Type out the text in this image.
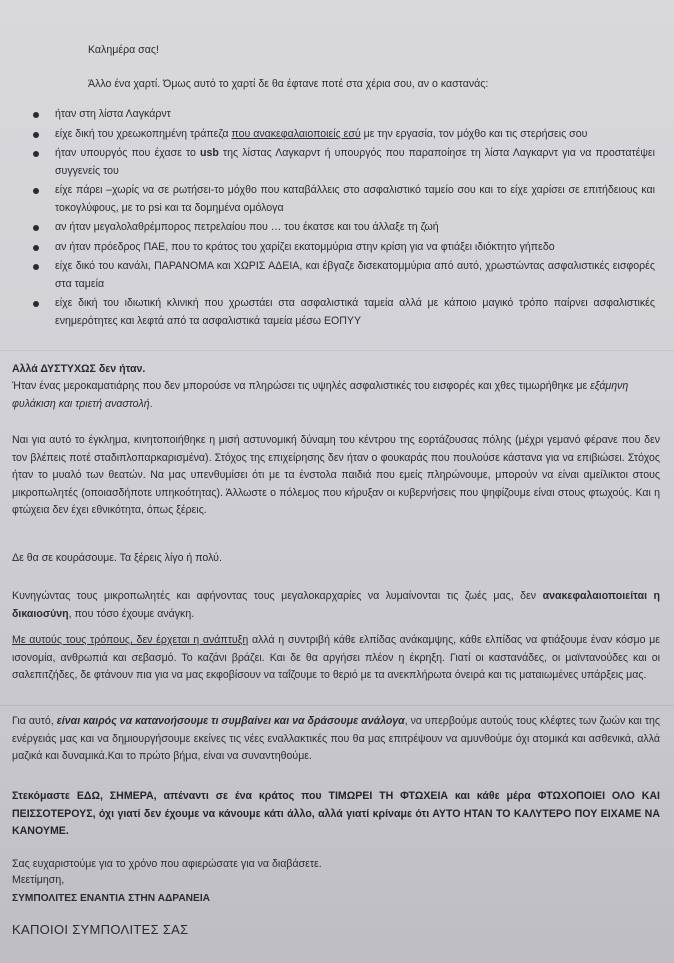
Καλημέρα σας!
Άλλο ένα χαρτί. Όμως αυτό το χαρτί δε θα έφτανε ποτέ στα χέρια σου, αν ο καστανάς:
ήταν στη λίστα Λαγκάρντ
είχε δική του χρεωκοπημένη τράπεζα που ανακεφαλαιοποιείς εσύ με την εργασία, τον μόχθο και τις στερήσεις σου
ήταν υπουργός που έχασε το usb της λίστας Λαγκαρντ ή υπουργός που παραποίησε τη λίστα Λαγκαρντ για να προστατέψει συγγενείς του
είχε πάρει –χωρίς να σε ρωτήσει-το μόχθο που καταβάλλεις στο ασφαλιστικό ταμείο σου και το είχε χαρίσει σε επιτήδειους και τοκογλύφους, με το psi και τα δομημένα ομόλογα
αν ήταν μεγαλολαθρέμπορος πετρελαίου που … του έκατσε και του άλλαξε τη ζωή
αν ήταν πρόεδρος ΠΑΕ, που το κράτος του χαρίζει εκατομμύρια στην κρίση για να φτιάξει ιδιόκτητο γήπεδο
είχε δικό του κανάλι, ΠΑΡΑΝΟΜΑ και ΧΩΡΙΣ ΑΔΕΙΑ, και έβγαζε δισεκατομμύρια από αυτό, χρωστώντας ασφαλιστικές εισφορές στα ταμεία
είχε δική του ιδιωτική κλινική που χρωστάει στα ασφαλιστικά ταμεία αλλά με κάποιο μαγικό τρόπο παίρνει ασφαλιστικές ενημερότητες και λεφτά από τα ασφαλιστικά ταμεία μέσω ΕΟΠΥΥ
Αλλά ΔΥΣΤΥΧΩΣ δεν ήταν.
Ήταν ένας μεροκαματιάρης που δεν μπορούσε να πληρώσει τις υψηλές ασφαλιστικές του εισφορές και χθες τιμωρήθηκε με εξάμηνη φυλάκιση και τριετή αναστολή.
Ναι για αυτό το έγκλημα, κινητοποιήθηκε η μισή αστυνομική δύναμη του κέντρου της εορτάζουσας πόλης (μέχρι γεμανό φέρανε που δεν τον βλέπεις ποτέ σταδιπλοπαρκαρισμένα). Στόχος της επιχείρησης δεν ήταν ο φουκαράς που πουλούσε κάστανα για να επιβιώσει. Στόχος ήταν το μυαλό των θεατών. Να μας υπενθυμίσει ότι με τα ένστολα παιδιά που εμείς πληρώνουμε, μπορούν να είναι αμείλικτοι στους μικροπωλητές (οποιασδήποτε υπηκοότητας). Άλλωστε ο πόλεμος που κήρυξαν οι κυβερνήσεις που ψηφίζουμε είναι στους φτωχούς. Και η φτώχεια δεν έχει εθνικότητα, όπως ξέρεις.
Δε θα σε κουράσουμε. Τα ξέρεις λίγο ή πολύ.
Κυνηγώντας τους μικροπωλητές και αφήνοντας τους μεγαλοκαρχαρίες να λυμαίνονται τις ζωές μας, δεν ανακεφαλαιοποιείται η δικαιοσύνη, που τόσο έχουμε ανάγκη.
Με αυτούς τους τρόπους, δεν έρχεται η ανάπτυξη αλλά η συντριβή κάθε ελπίδας ανάκαμψης, κάθε ελπίδας να φτιάξουμε έναν κόσμο με ισονομία, ανθρωπιά και σεβασμό. Το καζάνι βράζει. Και δε θα αργήσει πλέον η έκρηξη. Γιατί οι καστανάδες, οι μαϊντανούδες και οι σαλεπιτζήδες, δε φτάνουν πια για να μας εκφοβίσουν να ταΐζουμε το θεριό με τα ανεκπλήρωτα όνειρά και τις ματαιωμένες υπάρξεις μας.
Για αυτό, είναι καιρός να κατανοήσουμε τι συμβαίνει και να δράσουμε ανάλογα, να υπερβούμε αυτούς τους κλέφτες των ζωών και της ενέργειάς μας και να δημιουργήσουμε εκείνες τις νέες εναλλακτικές που θα μας επιτρέψουν να αμυνθούμε όχι ατομικά και ασθενικά, αλλά μαζικά και δυναμικά.Και το πρώτο βήμα, είναι να συναντηθούμε.
Στεκόμαστε ΕΔΩ, ΣΗΜΕΡΑ, απέναντι σε ένα κράτος που ΤΙΜΩΡΕΙ ΤΗ ΦΤΩΧΕΙΑ και κάθε μέρα ΦΤΩΧΟΠΟΙΕΙ ΟΛΟ ΚΑΙ ΠΕΙΣΣΟΤΕΡΟΥΣ, όχι γιατί δεν έχουμε να κάνουμε κάτι άλλο, αλλά γιατί κρίναμε ότι ΑΥΤΟ ΗΤΑΝ ΤΟ ΚΑΛΥΤΕΡΟ ΠΟΥ ΕΙΧΑΜΕ ΝΑ ΚΑΝΟΥΜΕ.
Σας ευχαριστούμε για το χρόνο που αφιερώσατε για να διαβάσετε.
Μεετίμηση,
ΣΥΜΠΟΛΙΤΕΣ ΕΝΑΝΤΙΑ ΣΤΗΝ ΑΔΡΑΝΕΙΑ
ΚΑΠΟΙΟΙ ΣΥΜΠΟΛΙΤΕΣ ΣΑΣ
